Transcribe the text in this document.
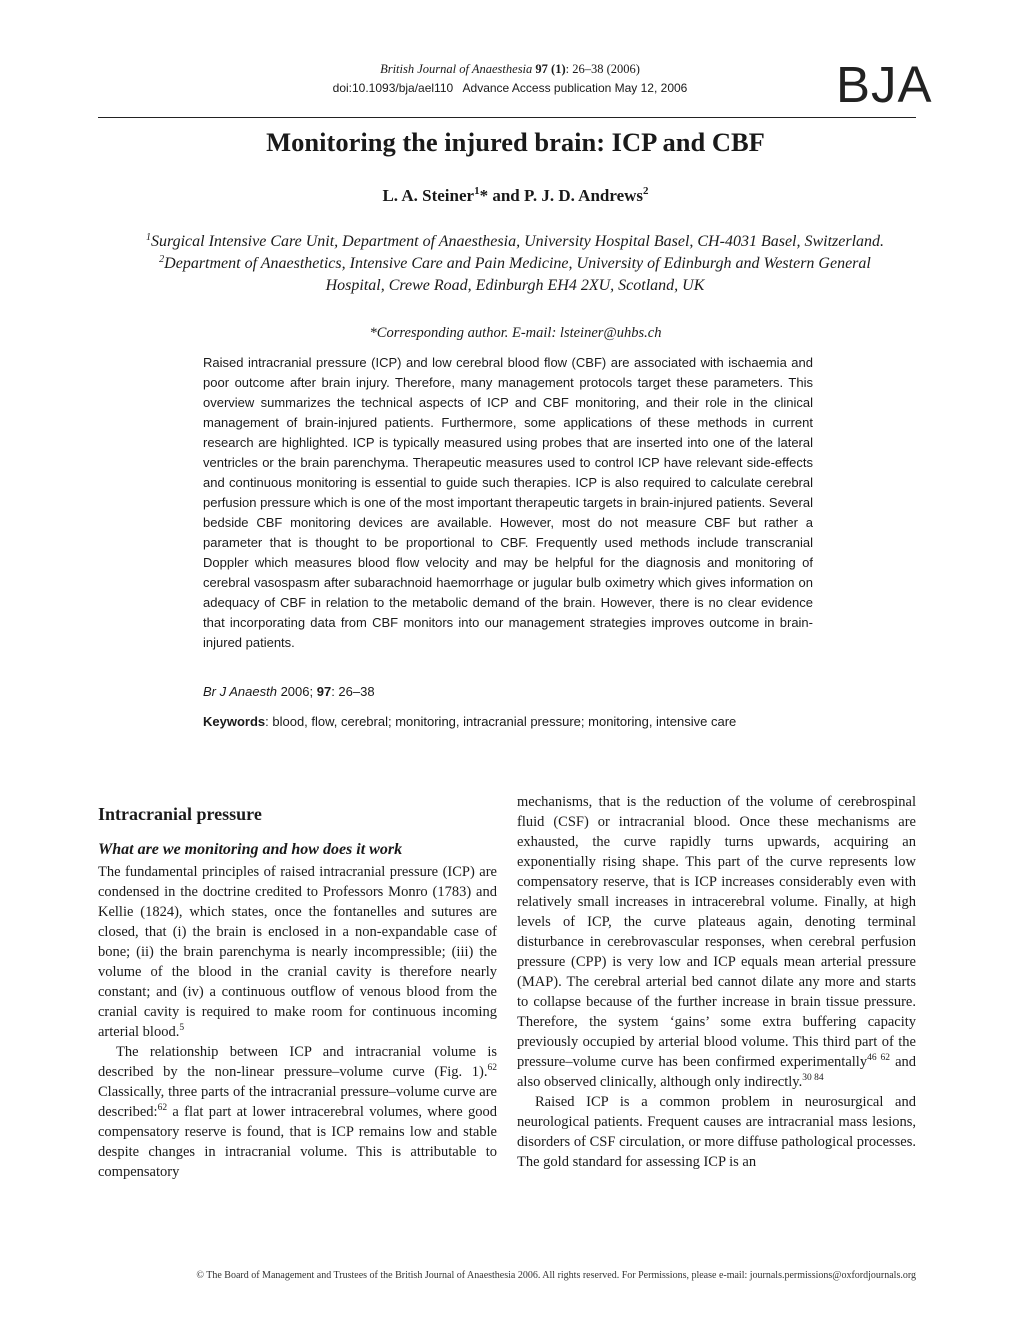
British Journal of Anaesthesia 97 (1): 26–38 (2006)
doi:10.1093/bja/ael110   Advance Access publication May 12, 2006	BJA
Monitoring the injured brain: ICP and CBF
L. A. Steiner$^1$* and P. J. D. Andrews$^2$
$^1$Surgical Intensive Care Unit, Department of Anaesthesia, University Hospital Basel, CH-4031 Basel, Switzerland. $^2$Department of Anaesthetics, Intensive Care and Pain Medicine, University of Edinburgh and Western General Hospital, Crewe Road, Edinburgh EH4 2XU, Scotland, UK
*Corresponding author. E-mail: lsteiner@uhbs.ch
Raised intracranial pressure (ICP) and low cerebral blood flow (CBF) are associated with ischaemia and poor outcome after brain injury. Therefore, many management protocols target these parameters. This overview summarizes the technical aspects of ICP and CBF monitoring, and their role in the clinical management of brain-injured patients. Furthermore, some applications of these methods in current research are highlighted. ICP is typically measured using probes that are inserted into one of the lateral ventricles or the brain parenchyma. Therapeutic measures used to control ICP have relevant side-effects and continuous monitoring is essential to guide such therapies. ICP is also required to calculate cerebral perfusion pressure which is one of the most important therapeutic targets in brain-injured patients. Several bedside CBF monitoring devices are available. However, most do not measure CBF but rather a parameter that is thought to be proportional to CBF. Frequently used methods include transcranial Doppler which measures blood flow velocity and may be helpful for the diagnosis and monitoring of cerebral vasospasm after subarachnoid haemorrhage or jugular bulb oximetry which gives information on adequacy of CBF in relation to the metabolic demand of the brain. However, there is no clear evidence that incorporating data from CBF monitors into our management strategies improves outcome in brain-injured patients.
Br J Anaesth 2006; 97: 26–38
Keywords: blood, flow, cerebral; monitoring, intracranial pressure; monitoring, intensive care
Intracranial pressure
What are we monitoring and how does it work

The fundamental principles of raised intracranial pressure (ICP) are condensed in the doctrine credited to Professors Monro (1783) and Kellie (1824), which states, once the fontanelles and sutures are closed, that (i) the brain is enclosed in a non-expandable case of bone; (ii) the brain parenchyma is nearly incompressible; (iii) the volume of the blood in the cranial cavity is therefore nearly constant; and (iv) a continuous outflow of venous blood from the cranial cavity is required to make room for continuous incoming arterial blood.$^5$

The relationship between ICP and intracranial volume is described by the non-linear pressure–volume curve (Fig. 1).$^{62}$ Classically, three parts of the intracranial pressure–volume curve are described:$^{62}$ a flat part at lower intracerebral volumes, where good compensatory reserve is found, that is ICP remains low and stable despite changes in intracranial volume. This is attributable to compensatory

mechanisms, that is the reduction of the volume of cerebrospinal fluid (CSF) or intracranial blood. Once these mechanisms are exhausted, the curve rapidly turns upwards, acquiring an exponentially rising shape. This part of the curve represents low compensatory reserve, that is ICP increases considerably even with relatively small increases in intracerebral volume. Finally, at high levels of ICP, the curve plateaus again, denoting terminal disturbance in cerebrovascular responses, when cerebral perfusion pressure (CPP) is very low and ICP equals mean arterial pressure (MAP). The cerebral arterial bed cannot dilate any more and starts to collapse because of the further increase in brain tissue pressure. Therefore, the system ‘gains’ some extra buffering capacity previously occupied by arterial blood volume. This third part of the pressure–volume curve has been confirmed experimentally$^{46 62}$ and also observed clinically, although only indirectly.$^{30 84}$

Raised ICP is a common problem in neurosurgical and neurological patients. Frequent causes are intracranial mass lesions, disorders of CSF circulation, or more diffuse pathological processes. The gold standard for assessing ICP is an

© The Board of Management and Trustees of the British Journal of Anaesthesia 2006. All rights reserved. For Permissions, please e-mail: journals.permissions@oxfordjournals.org
